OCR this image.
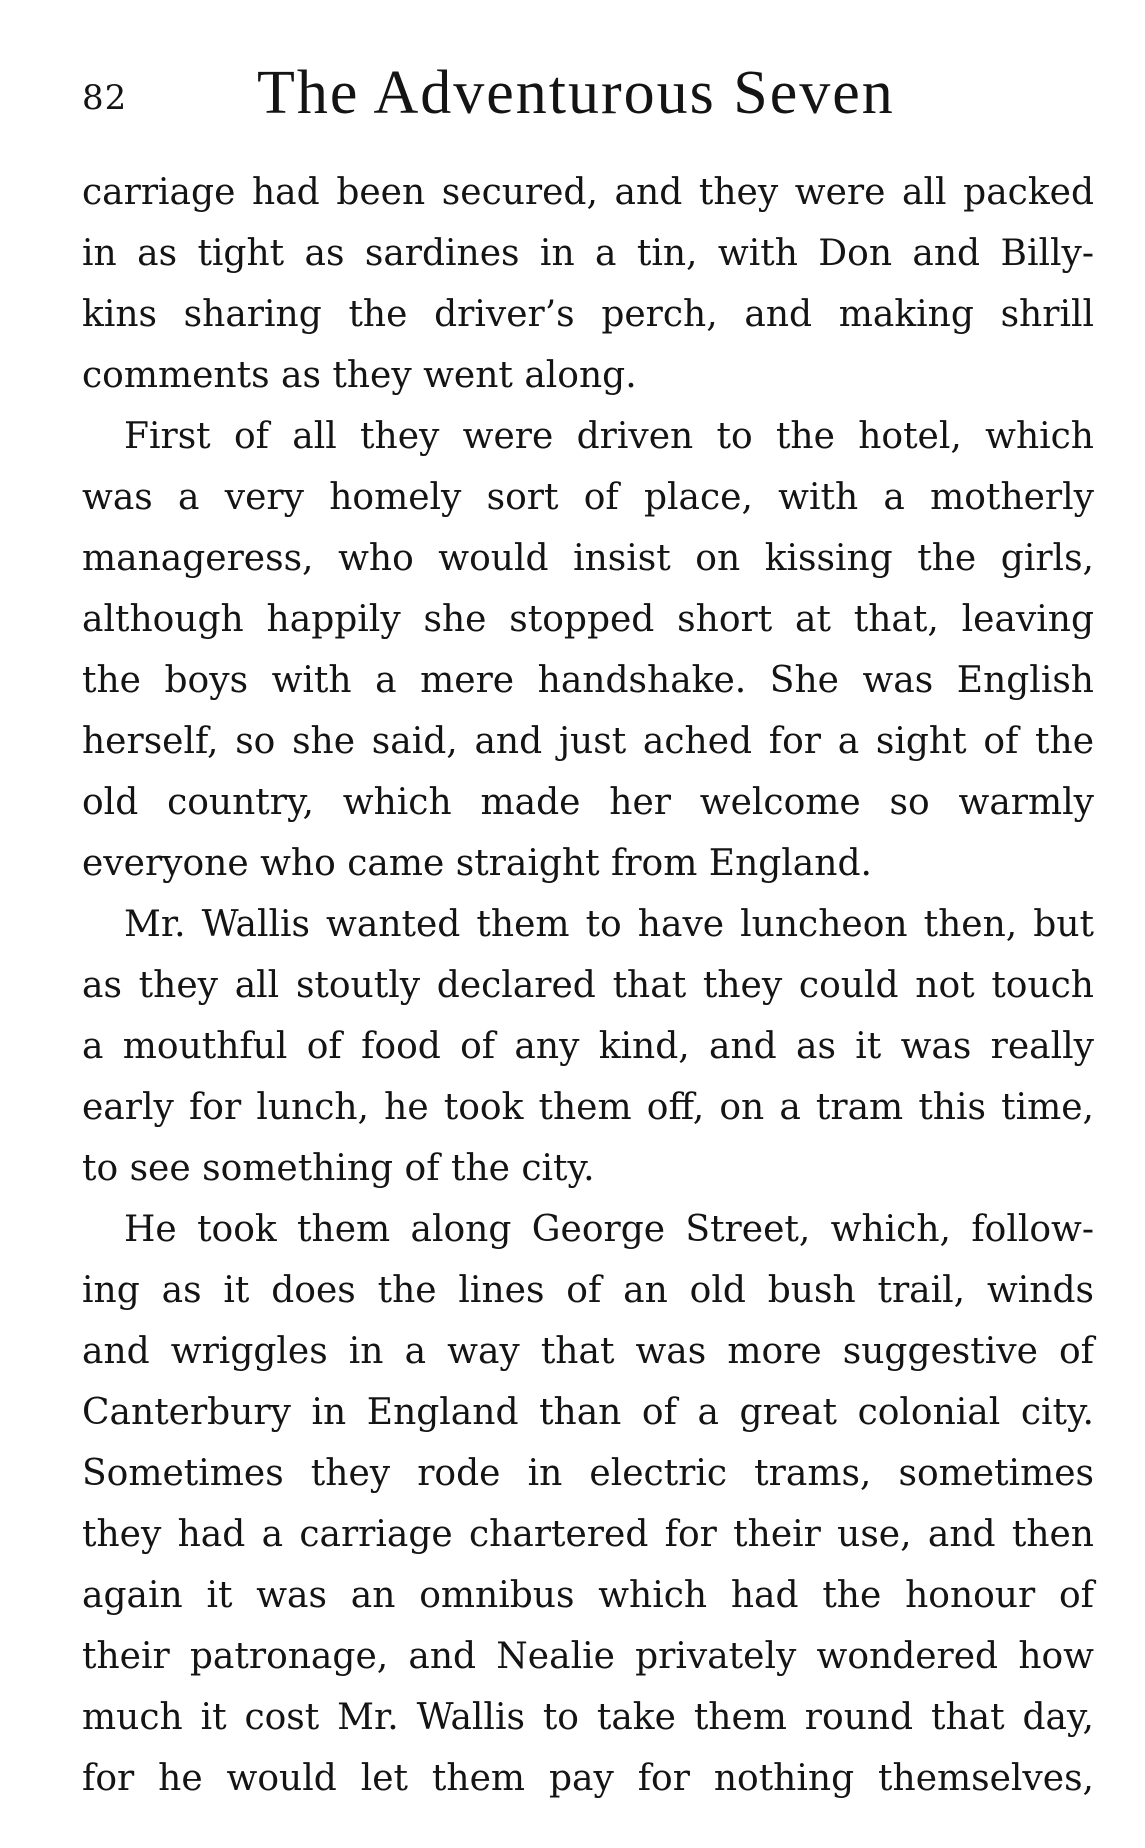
82 The Adventurous Seven
carriage had been secured, and they were all packed
in as tight as sardines in a tin, with Don and Billy-
kins sharing the driver’s perch, and making shrill
comments as they went along.
First of all they were driven to the hotel, which
was a very homely sort of place, with a motherly
manageress, who would insist on kissing the girls,
although happily she stopped short at that, leaving
the boys with a mere handshake. She was English
herself, so she said, and just ached for a sight of the
old country, which made her welcome so warmly
everyone who came straight from England.
Mr. Wallis wanted them to have luncheon then, but
as they all stoutly declared that they could not touch
a mouthful of food of any kind, and as it was really
early for lunch, he took them off, on a tram this time,
to see something of the city.
He took them along George Street, which, follow-
ing as it does the lines of an old bush trail, winds
and wriggles in a way that was more suggestive of
Canterbury in England than of a great colonial city.
Sometimes they rode in electric trams, sometimes
they had a carriage chartered for their use, and then
again it was an omnibus which had the honour of
their patronage, and Nealie privately wondered how
much it cost Mr. Wallis to take them round that day,
for he would let them pay for nothing themselves,
